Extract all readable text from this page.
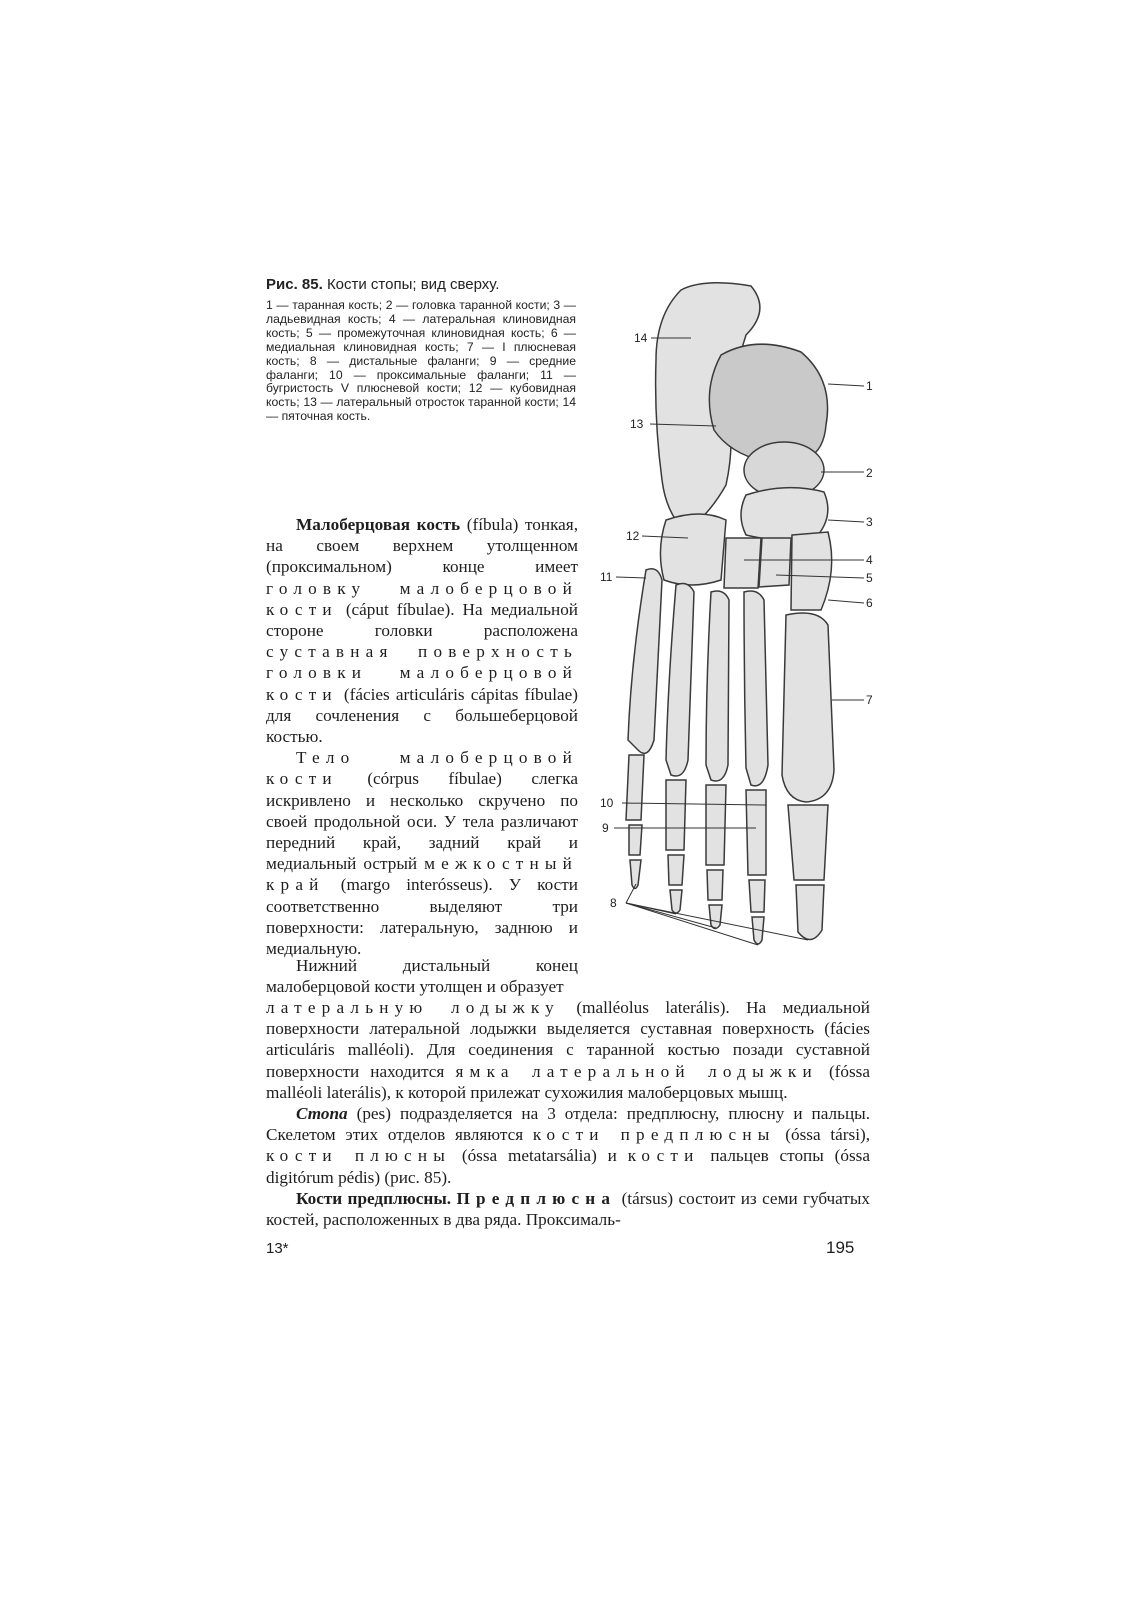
Рис. 85. Кости стопы; вид сверху.

1 — таранная кость; 2 — головка таранной кости; 3 — ладьевидная кость; 4 — латеральная клиновидная кость; 5 — промежуточная клиновидная кость; 6 — медиальная клиновидная кость; 7 — I плюсневая кость; 8 — дистальные фаланги; 9 — средние фаланги; 10 — проксимальные фаланги; 11 — бугристость V плюсневой кости; 12 — кубовидная кость; 13 — латеральный отросток таранной кости; 14 — пяточная кость.

1
2
3
4
5
6
7
8
9
10
11
12
13
14

Малоберцовая кость (fíbula) тонкая, на своем верхнем утолщенном (проксимальном) конце имеет головку малоберцовой кости (cáput fíbulae). На медиальной стороне головки расположена суставная поверхность головки малоберцовой кости (fácies articuláris cápitas fíbulae) для сочленения с большеберцовой костью.

Тело малоберцовой кости (córpus fíbulae) слегка искривлено и несколько скручено по своей продольной оси. У тела различают передний край, задний край и медиальный острый межкостный край (margo interósseus). У кости соответственно выделяют три поверхности: латеральную, заднюю и медиальную.

Нижний дистальный конец малоберцовой кости утолщен и образует

латеральную лодыжку (malléolus laterális). На медиальной поверхности латеральной лодыжки выделяется суставная поверхность (fácies articuláris malléoli). Для соединения с таранной костью позади суставной поверхности находится ямка латеральной лодыжки (fóssa malléoli laterális), к которой прилежат сухожилия малоберцовых мышц.

Стопа (pes) подразделяется на 3 отдела: предплюсну, плюсну и пальцы. Скелетом этих отделов являются кости предплюсны (óssa társi), кости плюсны (óssa metatarsália) и кости пальцев стопы (óssa digitórum pédis) (рис. 85).

Кости предплюсны. Предплюсна (társus) состоит из семи губчатых костей, расположенных в два ряда. Проксималь-

13*	195
